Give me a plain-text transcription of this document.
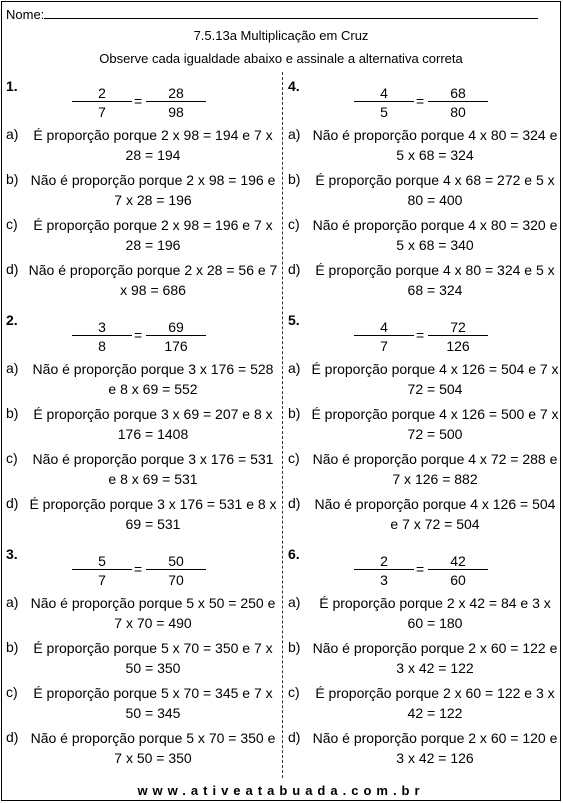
Nome:
7.5.13a Multiplicação em Cruz
Observe cada igualdade abaixo e assinale a alternativa correta
1.	$\frac{2}{7} = \frac{28}{98}$
a)	É proporção porque 2 x 98 = 194 e 7 x 28 = 194
b) Não é proporção porque 2 x 98 = 196 e 7 x 28 = 196
c)	É proporção porque 2 x 98 = 196 e 7 x 28 = 196
d) Não é proporção porque 2 x 28 = 56 e 7 x 98 = 686
2.	$\frac{3}{8} = \frac{69}{176}$
a)	Não é proporção porque 3 x 176 = 528 e 8 x 69 = 552
b)	É proporção porque 3 x 69 = 207 e 8 x 176 = 1408
c)	Não é proporção porque 3 x 176 = 531 e 8 x 69 = 531
d) É proporção porque 3 x 176 = 531 e 8 x 69 = 531
3.	$\frac{5}{7} = \frac{50}{70}$
a) Não é proporção porque 5 x 50 = 250 e 7 x 70 = 490
b)	É proporção porque 5 x 70 = 350 e 7 x 50 = 350
c)	É proporção porque 5 x 70 = 345 e 7 x 50 = 345
d) Não é proporção porque 5 x 70 = 350 e 7 x 50 = 350
4.	$\frac{4}{5} = \frac{68}{80}$
a) Não é proporção porque 4 x 80 = 324 e 5 x 68 = 324
b)	É proporção porque 4 x 68 = 272 e 5 x 80 = 400
c) Não é proporção porque 4 x 80 = 320 e 5 x 68 = 340
d)	É proporção porque 4 x 80 = 324 e 5 x 68 = 324
5.	$\frac{4}{7} = \frac{72}{126}$
a) É proporção porque 4 x 126 = 504 e 7 x 72 = 504
b) É proporção porque 4 x 126 = 500 e 7 x 72 = 500
c) Não é proporção porque 4 x 72 = 288 e 7 x 126 = 882
d)	Não é proporção porque 4 x 126 = 504 e 7 x 72 = 504
6.	$\frac{2}{3} = \frac{42}{60}$
a)	É proporção porque 2 x 42 = 84 e 3 x 60 = 180
b) Não é proporção porque 2 x 60 = 122 e 3 x 42 = 122
c)	É proporção porque 2 x 60 = 122 e 3 x 42 = 122
d) Não é proporção porque 2 x 60 = 120 e 3 x 42 = 126
www.ativeatabuada.com.br
